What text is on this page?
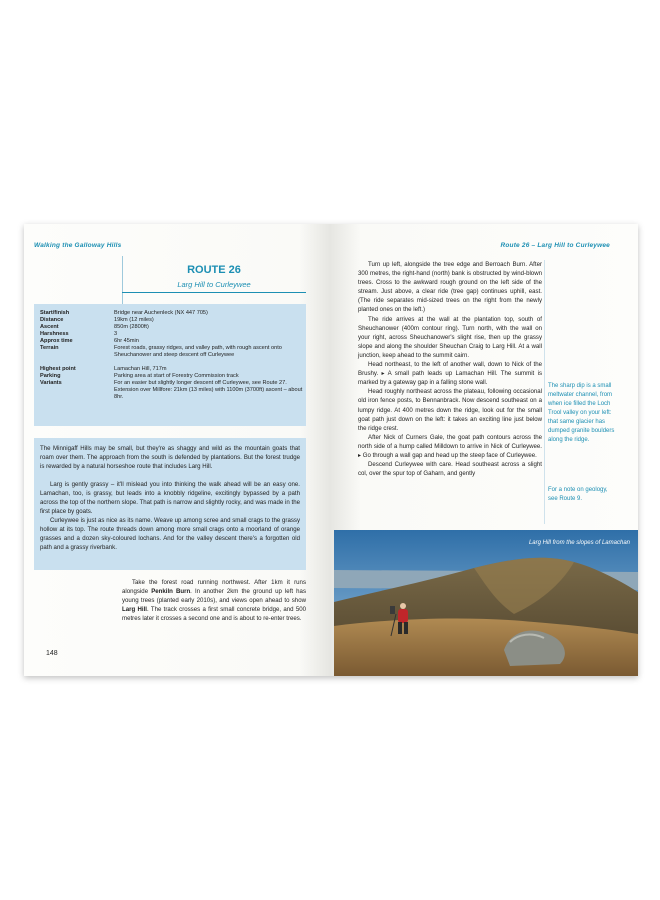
Walking the Galloway Hills
ROUTE 26
Larg Hill to Curleywee
Start/finish	Bridge near Auchenleck (NX 447 705)
Distance	19km (12 miles)
Ascent	850m (2800ft)
Harshness	3
Approx time	6hr 45min
Terrain	Forest roads, grassy ridges, and valley path, with rough ascent onto Sheuchanower and steep descent off Curleywee
Highest point	Lamachan Hill, 717m
Parking	Parking area at start of Forestry Commission track
Variants	For an easier but slightly longer descent off Curleywee, see Route 27. Extension over Millfore: 21km (13 miles) with 1100m (3700ft) ascent – about 8hr.

The Minnigaff Hills may be small, but they're as shaggy and wild as the mountain goats that roam over them. The approach from the south is defended by plantations. But the forest trudge is rewarded by a natural horseshoe route that includes Larg Hill.

Larg is gently grassy – it'll mislead you into thinking the walk ahead will be an easy one. Lamachan, too, is grassy, but leads into a knobbly ridgeline, excitingly bypassed by a path across the top of the northern slope. That path is narrow and slightly rocky, and was made in the first place by goats.

Curleywee is just as nice as its name. Weave up among scree and small crags to the grassy hollow at its top. The route threads down among more small crags onto a moorland of orange grasses and a dozen sky-coloured lochans. And for the valley descent there's a forgotten old path and a grassy riverbank.

Take the forest road running northwest. After 1km it runs alongside Penkiln Burn. In another 2km the ground up left has young trees (planted early 2010s), and views open ahead to show Larg Hill. The track crosses a first small concrete bridge, and 500 metres later it crosses a second one and is about to re-enter trees.

148
Route 26 – Larg Hill to Curleywee

Turn up left, alongside the tree edge and Berroach Burn. After 300 metres, the right-hand (north) bank is obstructed by wind-blown trees. Cross to the awkward rough ground on the left side of the stream. Just above, a clear ride (tree gap) continues uphill, east. (The ride separates mid-sized trees on the right from the newly planted ones on the left.)

The ride arrives at the wall at the plantation top, south of Sheuchanower (400m contour ring). Turn north, with the wall on your right, across Sheuchanower's slight rise, then up the grassy slope and along the shoulder Sheuchan Craig to Larg Hill. At a wall junction, keep ahead to the summit cairn.

Head northeast, to the left of another wall, down to Nick of the Brushy. ▸ A small path leads up Lamachan Hill. The summit is marked by a gateway gap in a falling stone wall.

Head roughly northeast across the plateau, following occasional old iron fence posts, to Bennanbrack. Now descend southeast on a lumpy ridge. At 400 metres down the ridge, look out for the small goat path just down on the left: it takes an exciting line just below the ridge crest.

After Nick of Curners Gale, the goat path contours across the north side of a hump called Milldown to arrive in Nick of Curleywee. ▸ Go through a wall gap and head up the steep face of Curleywee.

Descend Curleywee with care. Head southeast across a slight col, over the spur top of Gaharn, and gently

The sharp dip is a small meltwater channel, from when ice filled the Loch Trool valley on your left: that same glacier has dumped granite boulders along the ridge.
For a note on geology, see Route 9.
Larg Hill from the slopes of Lamachan
